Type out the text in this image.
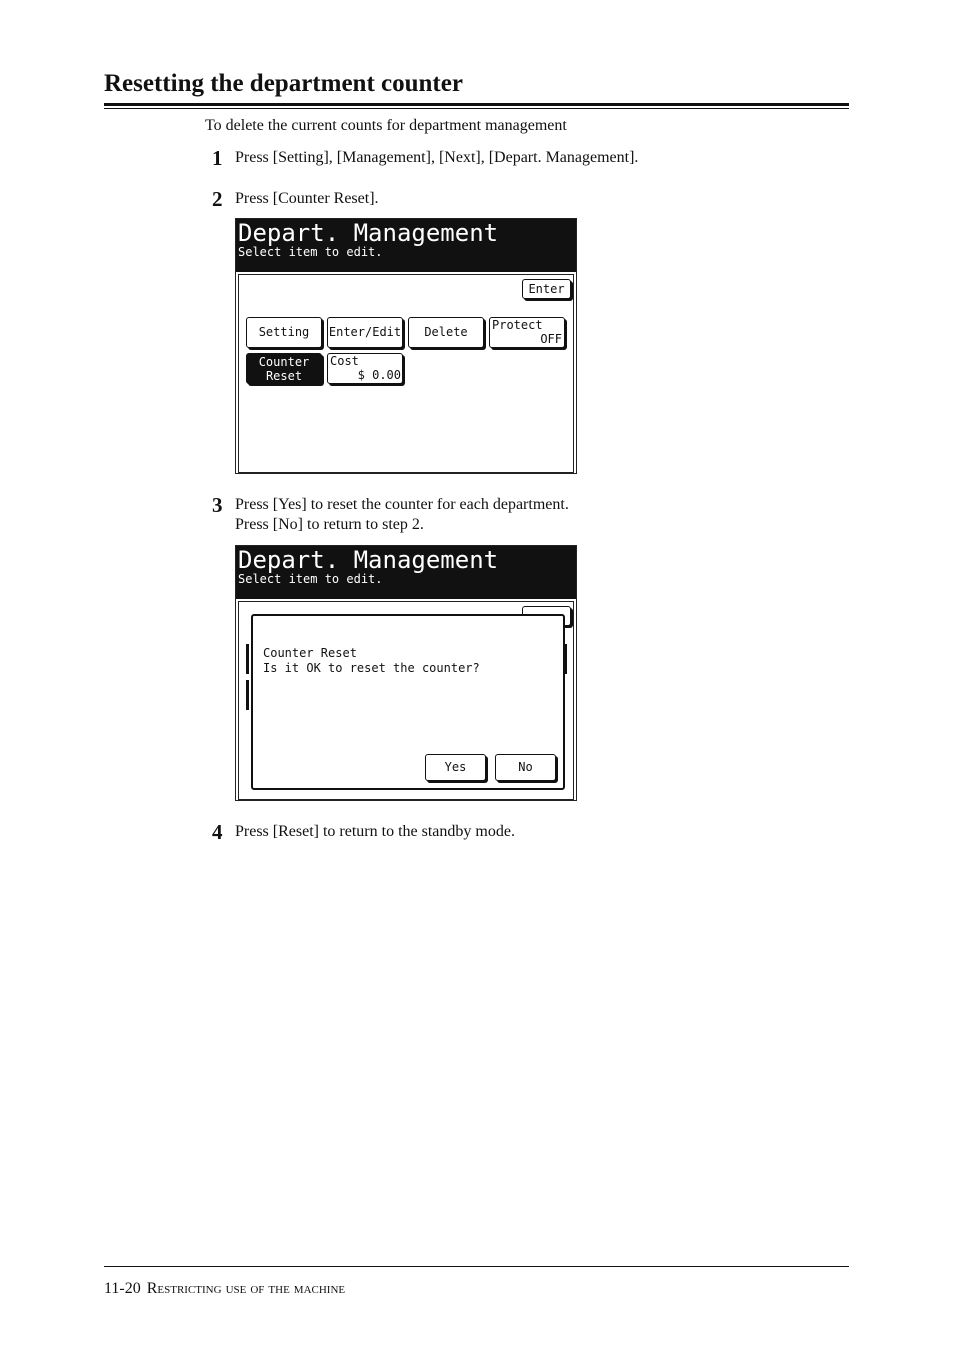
Resetting the department counter
To delete the current counts for department management
1 Press [Setting], [Management], [Next], [Depart. Management].
2 Press [Counter Reset].
Depart. Management
Select item to edit.
Enter
Setting	Enter/Edit	Delete	Protect
OFF
Counter
Reset
Cost
$ 0.00
3 Press [Yes] to reset the counter for each department.
Press [No] to return to step 2.
Depart. Management
Select item to edit.
Counter Reset
Is it OK to reset the counter?
Yes	No
4 Press [Reset] to return to the standby mode.
11-20 Restricting use of the machine
